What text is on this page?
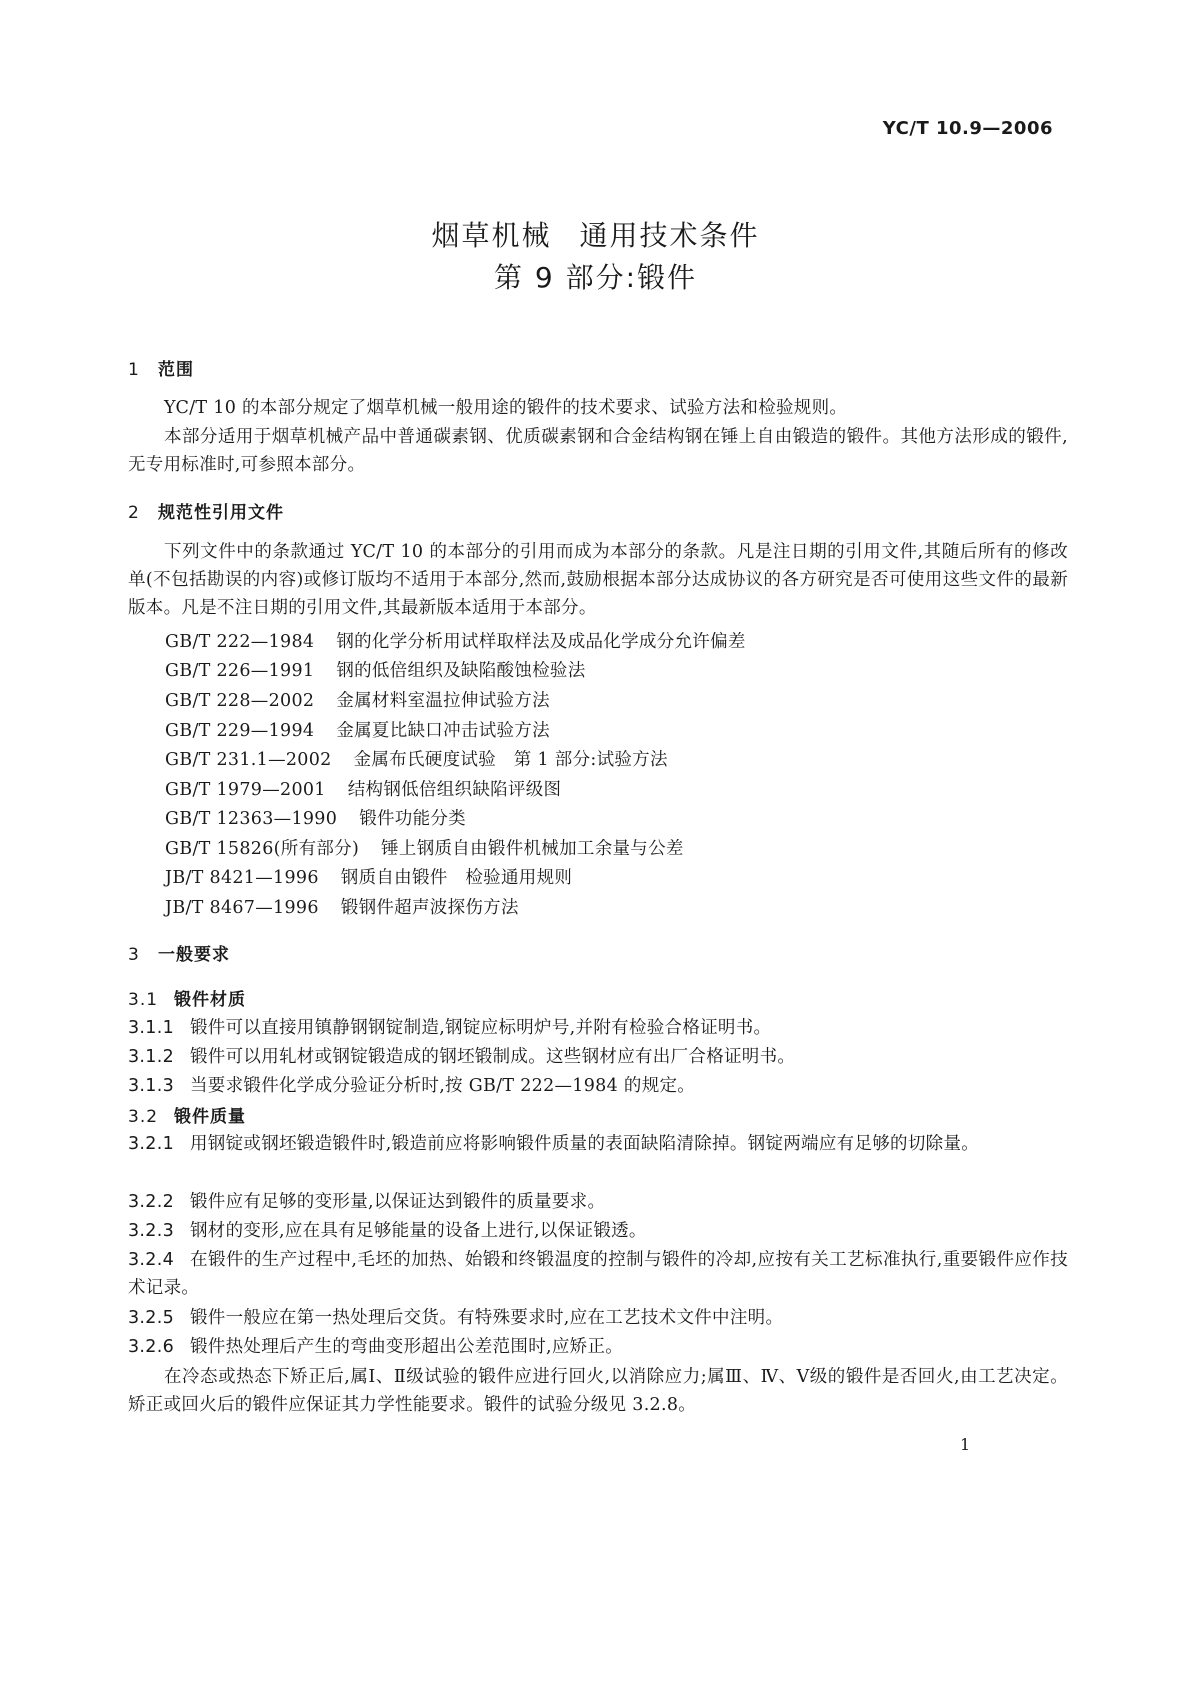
YC/T 10.9—2006
烟草机械 通用技术条件
第 9 部分:锻件
1 范围
YC/T 10 的本部分规定了烟草机械一般用途的锻件的技术要求、试验方法和检验规则。
本部分适用于烟草机械产品中普通碳素钢、优质碳素钢和合金结构钢在锤上自由锻造的锻件。其他方法形成的锻件,无专用标准时,可参照本部分。
2 规范性引用文件
下列文件中的条款通过 YC/T 10 的本部分的引用而成为本部分的条款。凡是注日期的引用文件,其随后所有的修改单(不包括勘误的内容)或修订版均不适用于本部分,然而,鼓励根据本部分达成协议的各方研究是否可使用这些文件的最新版本。凡是不注日期的引用文件,其最新版本适用于本部分。
GB/T 222—1984 钢的化学分析用试样取样法及成品化学成分允许偏差
GB/T 226—1991 钢的低倍组织及缺陷酸蚀检验法
GB/T 228—2002 金属材料室温拉伸试验方法
GB/T 229—1994 金属夏比缺口冲击试验方法
GB/T 231.1—2002 金属布氏硬度试验　第 1 部分:试验方法
GB/T 1979—2001 结构钢低倍组织缺陷评级图
GB/T 12363—1990 锻件功能分类
GB/T 15826(所有部分) 锤上钢质自由锻件机械加工余量与公差
JB/T 8421—1996 钢质自由锻件　检验通用规则
JB/T 8467—1996 锻钢件超声波探伤方法
3 一般要求
3.1 锻件材质
3.1.1 锻件可以直接用镇静钢钢锭制造,钢锭应标明炉号,并附有检验合格证明书。
3.1.2 锻件可以用轧材或钢锭锻造成的钢坯锻制成。这些钢材应有出厂合格证明书。
3.1.3 当要求锻件化学成分验证分析时,按 GB/T 222—1984 的规定。
3.2 锻件质量
3.2.1 用钢锭或钢坯锻造锻件时,锻造前应将影响锻件质量的表面缺陷清除掉。钢锭两端应有足够的切除量。
3.2.2 锻件应有足够的变形量,以保证达到锻件的质量要求。
3.2.3 钢材的变形,应在具有足够能量的设备上进行,以保证锻透。
3.2.4 在锻件的生产过程中,毛坯的加热、始锻和终锻温度的控制与锻件的冷却,应按有关工艺标准执行,重要锻件应作技术记录。
3.2.5 锻件一般应在第一热处理后交货。有特殊要求时,应在工艺技术文件中注明。
3.2.6 锻件热处理后产生的弯曲变形超出公差范围时,应矫正。
在冷态或热态下矫正后,属Ⅰ、Ⅱ级试验的锻件应进行回火,以消除应力;属Ⅲ、Ⅳ、Ⅴ级的锻件是否回火,由工艺决定。矫正或回火后的锻件应保证其力学性能要求。锻件的试验分级见 3.2.8。
1
